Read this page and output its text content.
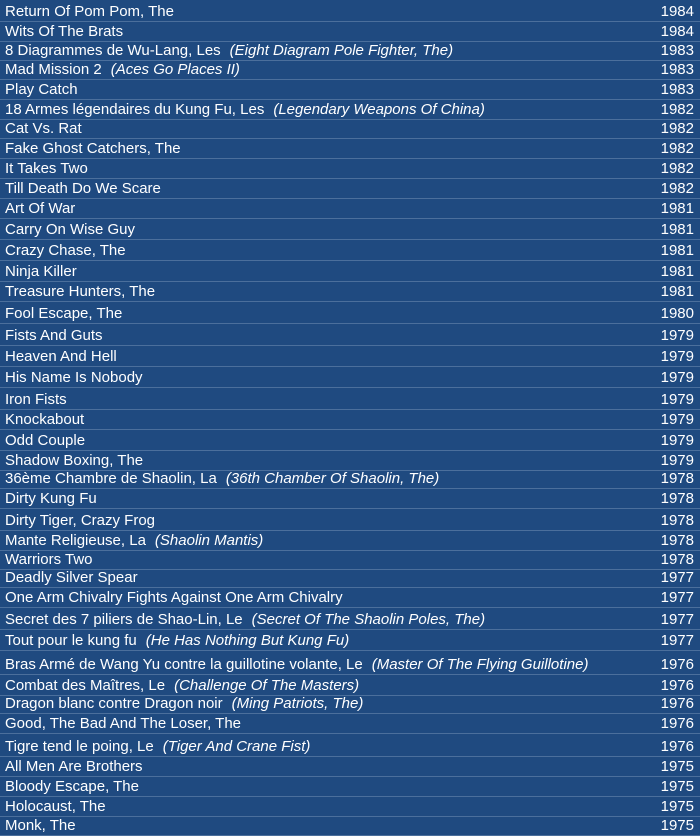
Return Of Pom Pom, The	1984
Wits Of The Brats	1984
8 Diagrammes de Wu-Lang, Les (Eight Diagram Pole Fighter, The)	1983
Mad Mission 2 (Aces Go Places II)	1983
Play Catch	1983
18 Armes légendaires du Kung Fu, Les (Legendary Weapons Of China)	1982
Cat Vs. Rat	1982
Fake Ghost Catchers, The	1982
It Takes Two	1982
Till Death Do We Scare	1982
Art Of War	1981
Carry On Wise Guy	1981
Crazy Chase, The	1981
Ninja Killer	1981
Treasure Hunters, The	1981
Fool Escape, The	1980
Fists And Guts	1979
Heaven And Hell	1979
His Name Is Nobody	1979
Iron Fists	1979
Knockabout	1979
Odd Couple	1979
Shadow Boxing, The	1979
36ème Chambre de Shaolin, La (36th Chamber Of Shaolin, The)	1978
Dirty Kung Fu	1978
Dirty Tiger, Crazy Frog	1978
Mante Religieuse, La (Shaolin Mantis)	1978
Warriors Two	1978
Deadly Silver Spear	1977
One Arm Chivalry Fights Against One Arm Chivalry	1977
Secret des 7 piliers de Shao-Lin, Le (Secret Of The Shaolin Poles, The)	1977
Tout pour le kung fu (He Has Nothing But Kung Fu)	1977
Bras Armé de Wang Yu contre la guillotine volante, Le (Master Of The Flying Guillotine)	1976
Combat des Maîtres, Le (Challenge Of The Masters)	1976
Dragon blanc contre Dragon noir (Ming Patriots, The)	1976
Good, The Bad And The Loser, The	1976
Tigre tend le poing, Le (Tiger And Crane Fist)	1976
All Men Are Brothers	1975
Bloody Escape, The	1975
Holocaust, The	1975
Monk, The	1975
